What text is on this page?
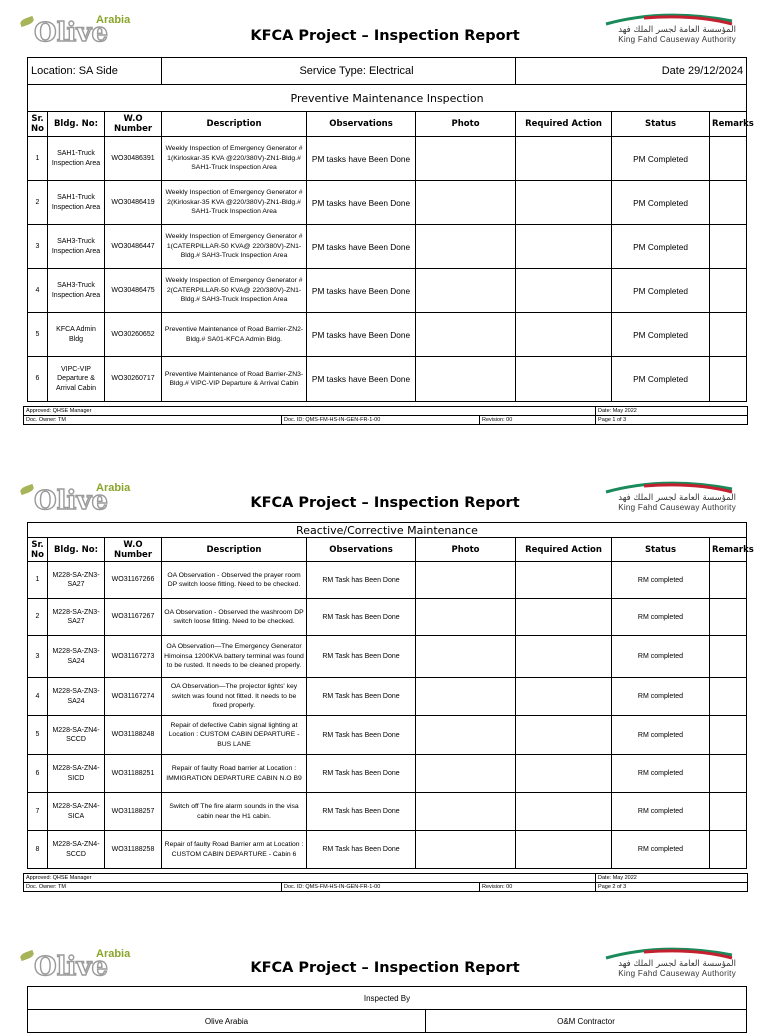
Olive
Arabia
KFCA Project – Inspection Report	المؤسسة العامة لجسر الملك فهد
King Fahd Causeway Authority
Location: SA Side			Service Type: Electrical			Date 29/12/2024		
Preventive Maintenance Inspection								
Sr. No	Bldg. No:	W.O Number	Description	Observations	Photo	Required Action	Status	Remarks
1	SAH1-Truck Inspection Area	WO30486391	Weekly Inspection of Emergency Generator # 1(Kirloskar-35 KVA @220/380V)-ZN1-Bldg.# SAH1-Truck Inspection Area	PM tasks have Been Done			PM Completed	
2	SAH1-Truck Inspection Area	WO30486419	Weekly Inspection of Emergency Generator # 2(Kirloskar-35 KVA @220/380V)-ZN1-Bldg.# SAH1-Truck Inspection Area	PM tasks have Been Done			PM Completed	
3	SAH3-Truck Inspection Area	WO30486447	Weekly Inspection of Emergency Generator # 1(CATERPILLAR-50 KVA@ 220/380V)-ZN1-Bldg.# SAH3-Truck Inspection Area	PM tasks have Been Done			PM Completed	
4	SAH3-Truck Inspection Area	WO30486475	Weekly Inspection of Emergency Generator # 2(CATERPILLAR-50 KVA@ 220/380V)-ZN1-Bldg.# SAH3-Truck Inspection Area	PM tasks have Been Done			PM Completed	
5	KFCA Admin Bldg	WO30260652	Preventive Maintenance of Road Barrier-ZN2-Bldg.# SA01-KFCA Admin Bldg.	PM tasks have Been Done			PM Completed	
6	VIPC-VIP Departure & Arrival Cabin	WO30260717	Preventive Maintenance of Road Barrier-ZN3-Bldg.# VIPC-VIP Departure & Arrival Cabin	PM tasks have Been Done			PM Completed	
Approved: QHSE Manager			Date: May 2022
Doc. Owner: TM	Doc. ID: QMS-FM-HS-IN-GEN-FR-1-00	Revision: 00	Page 1 of 3
Olive
Arabia
KFCA Project – Inspection Report	المؤسسة العامة لجسر الملك فهد
King Fahd Causeway Authority
Reactive/Corrective Maintenance								
Sr. No	Bldg. No:	W.O Number	Description	Observations	Photo	Required Action	Status	Remarks
1	M228-SA-ZN3-SA27	WO31167266	OA Observation - Observed the prayer room DP switch loose fitting. Need to be checked.	RM Task has Been Done			RM completed	
2	M228-SA-ZN3-SA27	WO31167267	OA Observation - Observed the washroom DP switch loose fitting. Need to be checked.	RM Task has Been Done			RM completed	
3	M228-SA-ZN3-SA24	WO31167273	OA Observation—The Emergency Generator Himoinsa 1200KVA battery terminal was found to be rusted. It needs to be cleaned properly.	RM Task has Been Done			RM completed	
4	M228-SA-ZN3-SA24	WO31167274	OA Observation—The projector lights' key switch was found not fitted. It needs to be fixed properly.	RM Task has Been Done			RM completed	
5	M228-SA-ZN4-SCCD	WO31188248	Repair of defective Cabin signal lighting at Location : CUSTOM CABIN DEPARTURE - BUS LANE	RM Task has Been Done			RM completed	
6	M228-SA-ZN4-SICD	WO31188251	Repair of faulty Road barrier at Location : IMMIGRATION DEPARTURE CABIN N.O B9	RM Task has Been Done			RM completed	
7	M228-SA-ZN4-SICA	WO31188257	Switch off The fire alarm sounds in the visa cabin near the H1 cabin.	RM Task has Been Done			RM completed	
8	M228-SA-ZN4-SCCD	WO31188258	Repair of faulty Road Barrier arm at Location : CUSTOM CABIN DEPARTURE - Cabin 6	RM Task has Been Done			RM completed	
Approved: QHSE Manager			Date: May 2022
Doc. Owner: TM	Doc. ID: QMS-FM-HS-IN-GEN-FR-1-00	Revision: 00	Page 2 of 3
Olive
Arabia
KFCA Project – Inspection Report	المؤسسة العامة لجسر الملك فهد
King Fahd Causeway Authority
Inspected By
Olive Arabia	O&M Contractor
